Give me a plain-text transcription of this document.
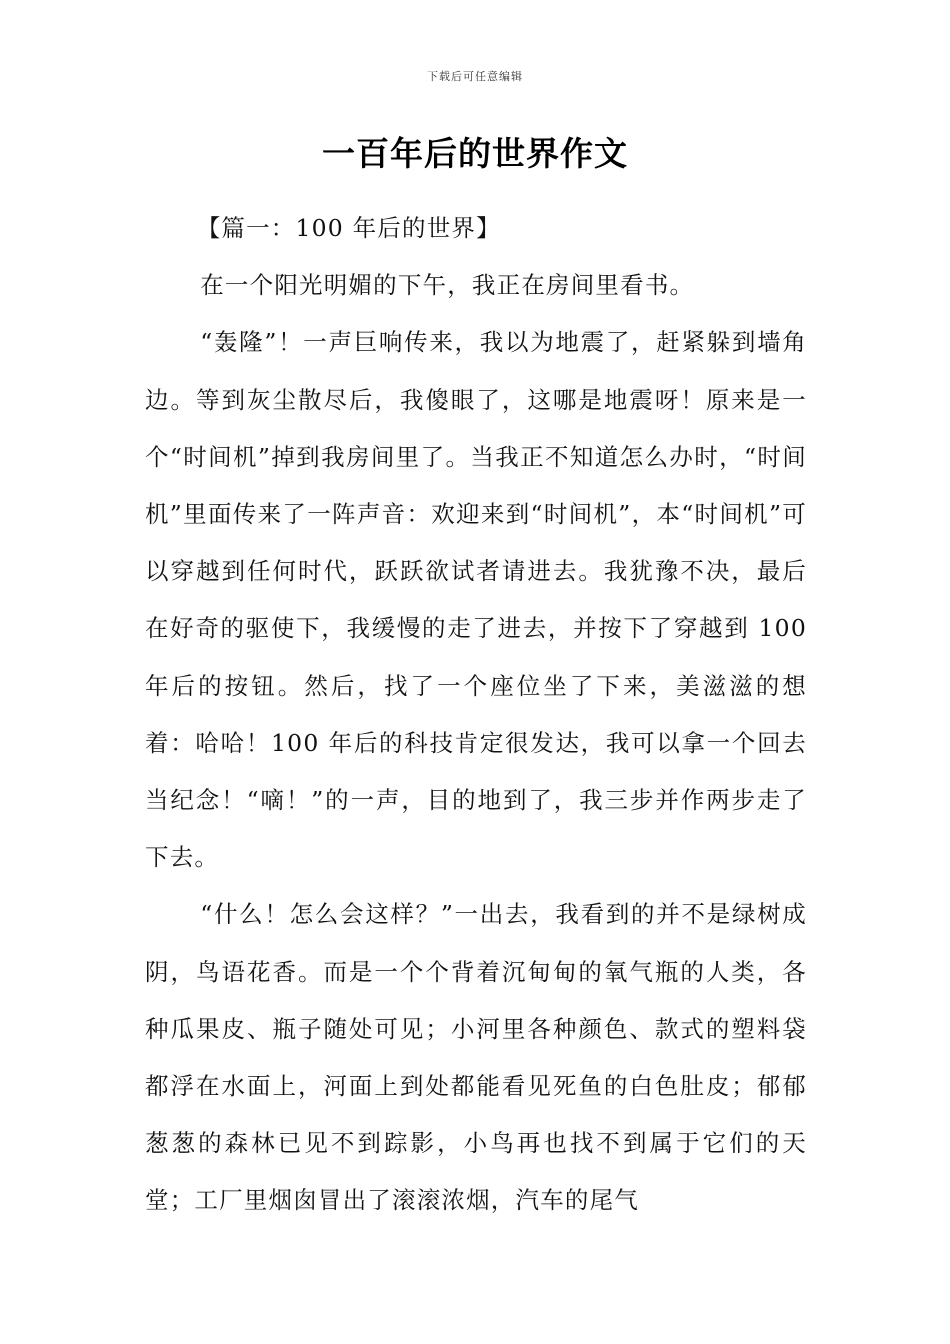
下载后可任意编辑
一百年后的世界作文

【篇一：100 年后的世界】

在一个阳光明媚的下午，我正在房间里看书。

“轰隆”！一声巨响传来，我以为地震了，赶紧躲到墙角边。等到灰尘散尽后，我傻眼了，这哪是地震呀！原来是一个“时间机”掉到我房间里了。当我正不知道怎么办时，“时间机”里面传来了一阵声音：欢迎来到“时间机”，本“时间机”可以穿越到任何时代，跃跃欲试者请进去。我犹豫不决，最后在好奇的驱使下，我缓慢的走了进去，并按下了穿越到 100 年后的按钮。然后，找了一个座位坐了下来，美滋滋的想着：哈哈！100 年后的科技肯定很发达，我可以拿一个回去当纪念！“嘀！”的一声，目的地到了，我三步并作两步走了下去。

“什么！怎么会这样？”一出去，我看到的并不是绿树成阴，鸟语花香。而是一个个背着沉甸甸的氧气瓶的人类，各种瓜果皮、瓶子随处可见；小河里各种颜色、款式的塑料袋都浮在水面上，河面上到处都能看见死鱼的白色肚皮；郁郁葱葱的森林已见不到踪影，小鸟再也找不到属于它们的天堂；工厂里烟囱冒出了滚滚浓烟，汽车的尾气
